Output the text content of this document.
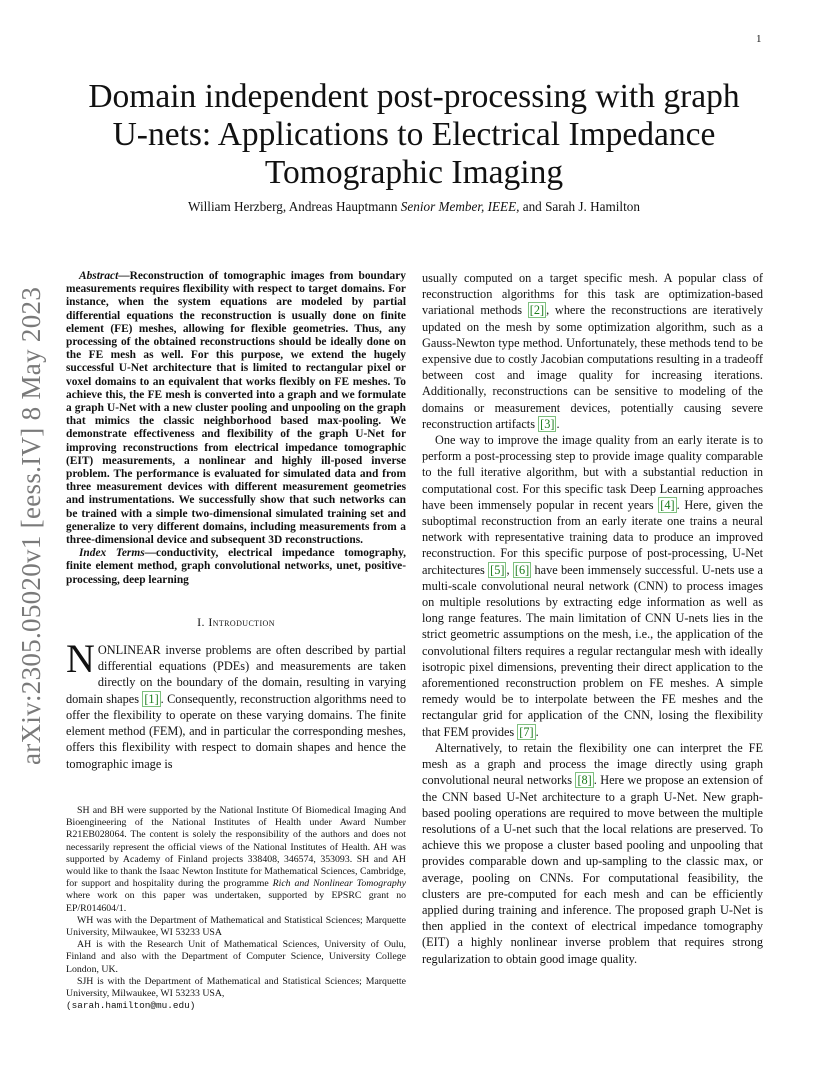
1
arXiv:2305.05020v1 [eess.IV] 8 May 2023
Domain independent post-processing with graph U-nets: Applications to Electrical Impedance Tomographic Imaging
William Herzberg, Andreas Hauptmann Senior Member, IEEE, and Sarah J. Hamilton

Abstract—Reconstruction of tomographic images from boundary measurements requires flexibility with respect to target domains. For instance, when the system equations are modeled by partial differential equations the reconstruction is usually done on finite element (FE) meshes, allowing for flexible geometries. Thus, any processing of the obtained reconstructions should be ideally done on the FE mesh as well. For this purpose, we extend the hugely successful U-Net architecture that is limited to rectangular pixel or voxel domains to an equivalent that works flexibly on FE meshes. To achieve this, the FE mesh is converted into a graph and we formulate a graph U-Net with a new cluster pooling and unpooling on the graph that mimics the classic neighborhood based max-pooling. We demonstrate effectiveness and flexibility of the graph U-Net for improving reconstructions from electrical impedance tomographic (EIT) measurements, a nonlinear and highly ill-posed inverse problem. The performance is evaluated for simulated data and from three measurement devices with different measurement geometries and instrumentations. We successfully show that such networks can be trained with a simple two-dimensional simulated training set and generalize to very different domains, including measurements from a three-dimensional device and subsequent 3D reconstructions.

Index Terms—conductivity, electrical impedance tomography, finite element method, graph convolutional networks, unet, positive-processing, deep learning

I. Introduction

NONLINEAR inverse problems are often described by partial differential equations (PDEs) and measurements are taken directly on the boundary of the domain, resulting in varying domain shapes [1] . Consequently, reconstruction algorithms need to offer the flexibility to operate on these varying domains. The finite element method (FEM), and in particular the corresponding meshes, offers this flexibility with respect to domain shapes and hence the tomographic image is

usually computed on a target specific mesh. A popular class of reconstruction algorithms for this task are optimization-based variational methods [2] , where the reconstructions are iteratively updated on the mesh by some optimization algorithm, such as a Gauss-Newton type method. Unfortunately, these methods tend to be expensive due to costly Jacobian computations resulting in a tradeoff between cost and image quality for increasing iterations. Additionally, reconstructions can be sensitive to modeling of the domains or measurement devices, potentially causing severe reconstruction artifacts [3] .

One way to improve the image quality from an early iterate is to perform a post-processing step to provide image quality comparable to the full iterative algorithm, but with a substantial reduction in computational cost. For this specific task Deep Learning approaches have been immensely popular in recent years [4] . Here, given the suboptimal reconstruction from an early iterate one trains a neural network with representative training data to produce an improved reconstruction. For this specific purpose of post-processing, U-Net architectures [5] , [6] have been immensely successful. U-nets use a multi-scale convolutional neural network (CNN) to process images on multiple resolutions by extracting edge information as well as long range features. The main limitation of CNN U-nets lies in the strict geometric assumptions on the mesh, i.e., the application of the convolutional filters requires a regular rectangular mesh with ideally isotropic pixel dimensions, preventing their direct application to the aforementioned reconstruction problem on FE meshes. A simple remedy would be to interpolate between the FE meshes and the rectangular grid for application of the CNN, losing the flexibility that FEM provides [7] .

Alternatively, to retain the flexibility one can interpret the FE mesh as a graph and process the image directly using graph convolutional neural networks [8] . Here we propose an extension of the CNN based U-Net architecture to a graph U-Net. New graph-based pooling operations are required to move between the multiple resolutions of a U-net such that the local relations are preserved. To achieve this we propose a cluster based pooling and unpooling that provides comparable down and up-sampling to the classic max, or average, pooling on CNNs. For computational feasibility, the clusters are pre-computed for each mesh and can be efficiently applied during training and inference. The proposed graph U-Net is then applied in the context of electrical impedance tomography (EIT) a highly nonlinear inverse problem that requires strong regularization to obtain good image quality.

SH and BH were supported by the National Institute Of Biomedical Imaging And Bioengineering of the National Institutes of Health under Award Number R21EB028064. The content is solely the responsibility of the authors and does not necessarily represent the official views of the National Institutes of Health. AH was supported by Academy of Finland projects 338408, 346574, 353093. SH and AH would like to thank the Isaac Newton Institute for Mathematical Sciences, Cambridge, for support and hospitality during the programme Rich and Nonlinear Tomography where work on this paper was undertaken, supported by EPSRC grant no EP/R014604/1.

WH was with the Department of Mathematical and Statistical Sciences; Marquette University, Milwaukee, WI 53233 USA

AH is with the Research Unit of Mathematical Sciences, University of Oulu, Finland and also with the Department of Computer Science, University College London, UK.

SJH is with the Department of Mathematical and Statistical Sciences; Marquette University, Milwaukee, WI 53233 USA,
(sarah.hamilton@mu.edu)
